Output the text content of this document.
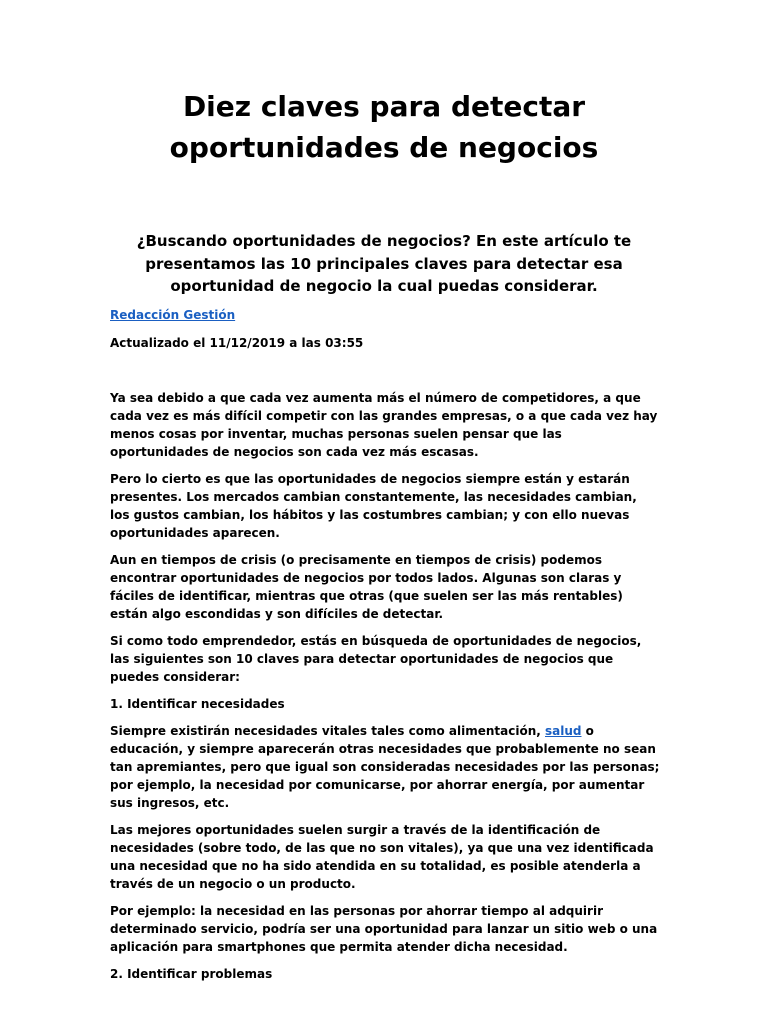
Diez claves para detectar
oportunidades de negocios

¿Buscando oportunidades de negocios? En este artículo te presentamos las 10 principales claves para detectar esa oportunidad de negocio la cual puedas considerar.

Redacción Gestión
Actualizado el 11/12/2019 a las 03:55

Ya sea debido a que cada vez aumenta más el número de competidores, a que cada vez es más difícil competir con las grandes empresas, o a que cada vez hay menos cosas por inventar, muchas personas suelen pensar que las oportunidades de negocios son cada vez más escasas.

Pero lo cierto es que las oportunidades de negocios siempre están y estarán presentes. Los mercados cambian constantemente, las necesidades cambian, los gustos cambian, los hábitos y las costumbres cambian; y con ello nuevas oportunidades aparecen.

Aun en tiempos de crisis (o precisamente en tiempos de crisis) podemos encontrar oportunidades de negocios por todos lados. Algunas son claras y fáciles de identificar, mientras que otras (que suelen ser las más rentables) están algo escondidas y son difíciles de detectar.

Si como todo emprendedor, estás en búsqueda de oportunidades de negocios, las siguientes son 10 claves para detectar oportunidades de negocios que puedes considerar:

1. Identificar necesidades

Siempre existirán necesidades vitales tales como alimentación, salud o educación, y siempre aparecerán otras necesidades que probablemente no sean tan apremiantes, pero que igual son consideradas necesidades por las personas; por ejemplo, la necesidad por comunicarse, por ahorrar energía, por aumentar sus ingresos, etc.

Las mejores oportunidades suelen surgir a través de la identificación de necesidades (sobre todo, de las que no son vitales), ya que una vez identificada una necesidad que no ha sido atendida en su totalidad, es posible atenderla a través de un negocio o un producto.

Por ejemplo: la necesidad en las personas por ahorrar tiempo al adquirir determinado servicio, podría ser una oportunidad para lanzar un sitio web o una aplicación para smartphones que permita atender dicha necesidad.

2. Identificar problemas
